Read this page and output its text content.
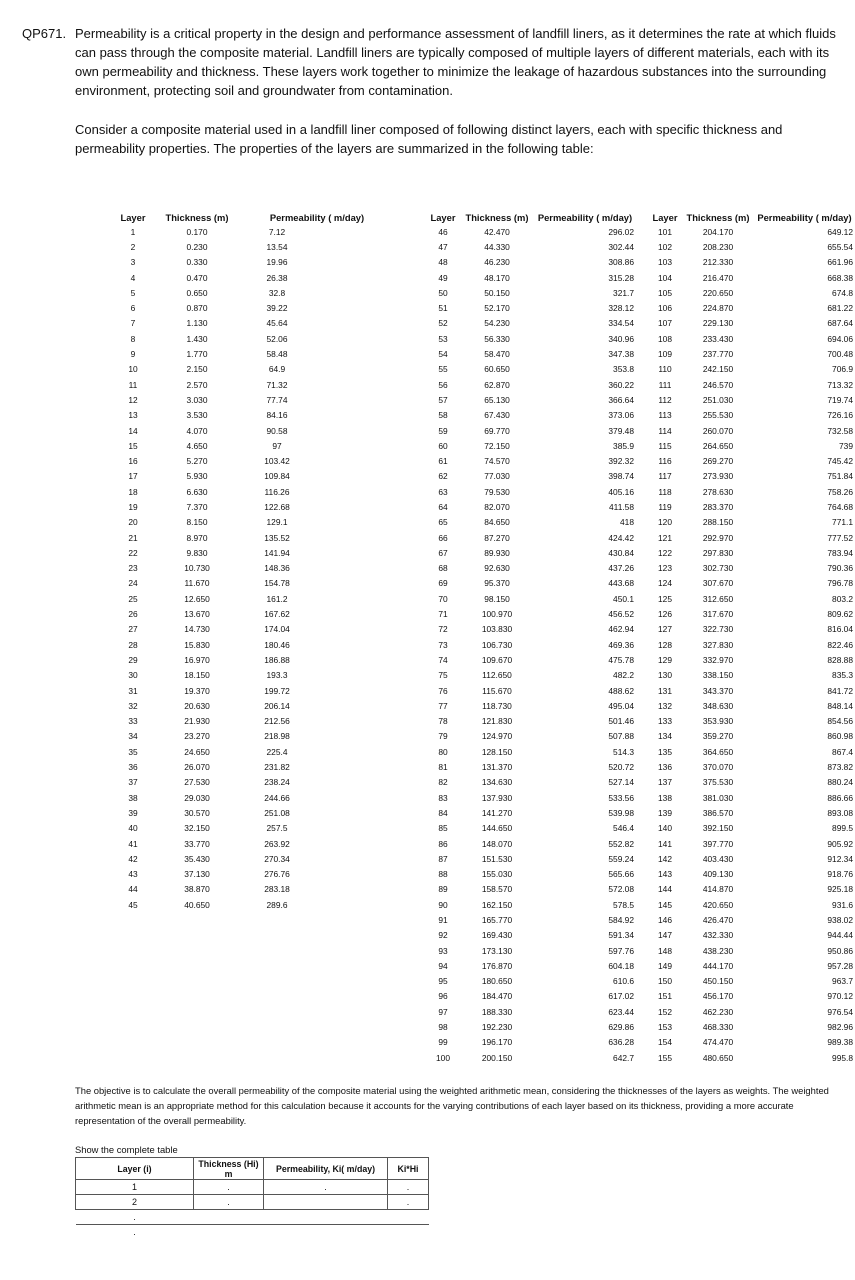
QP671. Permeability is a critical property in the design and performance assessment of landfill liners, as it determines the rate at which fluids can pass through the composite material. Landfill liners are typically composed of multiple layers of different materials, each with its own permeability and thickness. These layers work together to minimize the leakage of hazardous substances into the surrounding environment, protecting soil and groundwater from contamination.

Consider a composite material used in a landfill liner composed of following distinct layers, each with specific thickness and permeability properties. The properties of the layers are summarized in the following table:

Layer	Thickness (m)	Permeability ( m/day)	
1	0.170	7.12	
2	0.230	13.54	
3	0.330	19.96	
4	0.470	26.38	
5	0.650	32.8	
6	0.870	39.22	
7	1.130	45.64	
8	1.430	52.06	
9	1.770	58.48	
10	2.150	64.9	
11	2.570	71.32	
12	3.030	77.74	
13	3.530	84.16	
14	4.070	90.58	
15	4.650	97	
16	5.270	103.42	
17	5.930	109.84	
18	6.630	116.26	
19	7.370	122.68	
20	8.150	129.1	
21	8.970	135.52	
22	9.830	141.94	
23	10.730	148.36	
24	11.670	154.78	
25	12.650	161.2	
26	13.670	167.62	
27	14.730	174.04	
28	15.830	180.46	
29	16.970	186.88	
30	18.150	193.3	
31	19.370	199.72	
32	20.630	206.14	
33	21.930	212.56	
34	23.270	218.98	
35	24.650	225.4	
36	26.070	231.82	
37	27.530	238.24	
38	29.030	244.66	
39	30.570	251.08	
40	32.150	257.5	
41	33.770	263.92	
42	35.430	270.34	
43	37.130	276.76	
44	38.870	283.18	
45	40.650	289.6	
Layer	Thickness (m)	Permeability ( m/day)
46	42.470	296.02
47	44.330	302.44
48	46.230	308.86
49	48.170	315.28
50	50.150	321.7
51	52.170	328.12
52	54.230	334.54
53	56.330	340.96
54	58.470	347.38
55	60.650	353.8
56	62.870	360.22
57	65.130	366.64
58	67.430	373.06
59	69.770	379.48
60	72.150	385.9
61	74.570	392.32
62	77.030	398.74
63	79.530	405.16
64	82.070	411.58
65	84.650	418
66	87.270	424.42
67	89.930	430.84
68	92.630	437.26
69	95.370	443.68
70	98.150	450.1
71	100.970	456.52
72	103.830	462.94
73	106.730	469.36
74	109.670	475.78
75	112.650	482.2
76	115.670	488.62
77	118.730	495.04
78	121.830	501.46
79	124.970	507.88
80	128.150	514.3
81	131.370	520.72
82	134.630	527.14
83	137.930	533.56
84	141.270	539.98
85	144.650	546.4
86	148.070	552.82
87	151.530	559.24
88	155.030	565.66
89	158.570	572.08
90	162.150	578.5
91	165.770	584.92
92	169.430	591.34
93	173.130	597.76
94	176.870	604.18
95	180.650	610.6
96	184.470	617.02
97	188.330	623.44
98	192.230	629.86
99	196.170	636.28
100	200.150	642.7
Layer	Thickness (m)	Permeability ( m/day)
101	204.170	649.12
102	208.230	655.54
103	212.330	661.96
104	216.470	668.38
105	220.650	674.8
106	224.870	681.22
107	229.130	687.64
108	233.430	694.06
109	237.770	700.48
110	242.150	706.9
111	246.570	713.32
112	251.030	719.74
113	255.530	726.16
114	260.070	732.58
115	264.650	739
116	269.270	745.42
117	273.930	751.84
118	278.630	758.26
119	283.370	764.68
120	288.150	771.1
121	292.970	777.52
122	297.830	783.94
123	302.730	790.36
124	307.670	796.78
125	312.650	803.2
126	317.670	809.62
127	322.730	816.04
128	327.830	822.46
129	332.970	828.88
130	338.150	835.3
131	343.370	841.72
132	348.630	848.14
133	353.930	854.56
134	359.270	860.98
135	364.650	867.4
136	370.070	873.82
137	375.530	880.24
138	381.030	886.66
139	386.570	893.08
140	392.150	899.5
141	397.770	905.92
142	403.430	912.34
143	409.130	918.76
144	414.870	925.18
145	420.650	931.6
146	426.470	938.02
147	432.330	944.44
148	438.230	950.86
149	444.170	957.28
150	450.150	963.7
151	456.170	970.12
152	462.230	976.54
153	468.330	982.96
154	474.470	989.38
155	480.650	995.8

The objective is to calculate the overall permeability of the composite material using the weighted arithmetic mean, considering the thicknesses of the layers as weights. The weighted arithmetic mean is an appropriate method for this calculation because it accounts for the varying contributions of each layer based on its thickness, providing a more accurate representation of the overall permeability.

Show the complete table
Layer (i)	Thickness (Hi) m	Permeability, Ki( m/day)	Ki*Hi
1	.	.	.
2	.		.
.			
.			
